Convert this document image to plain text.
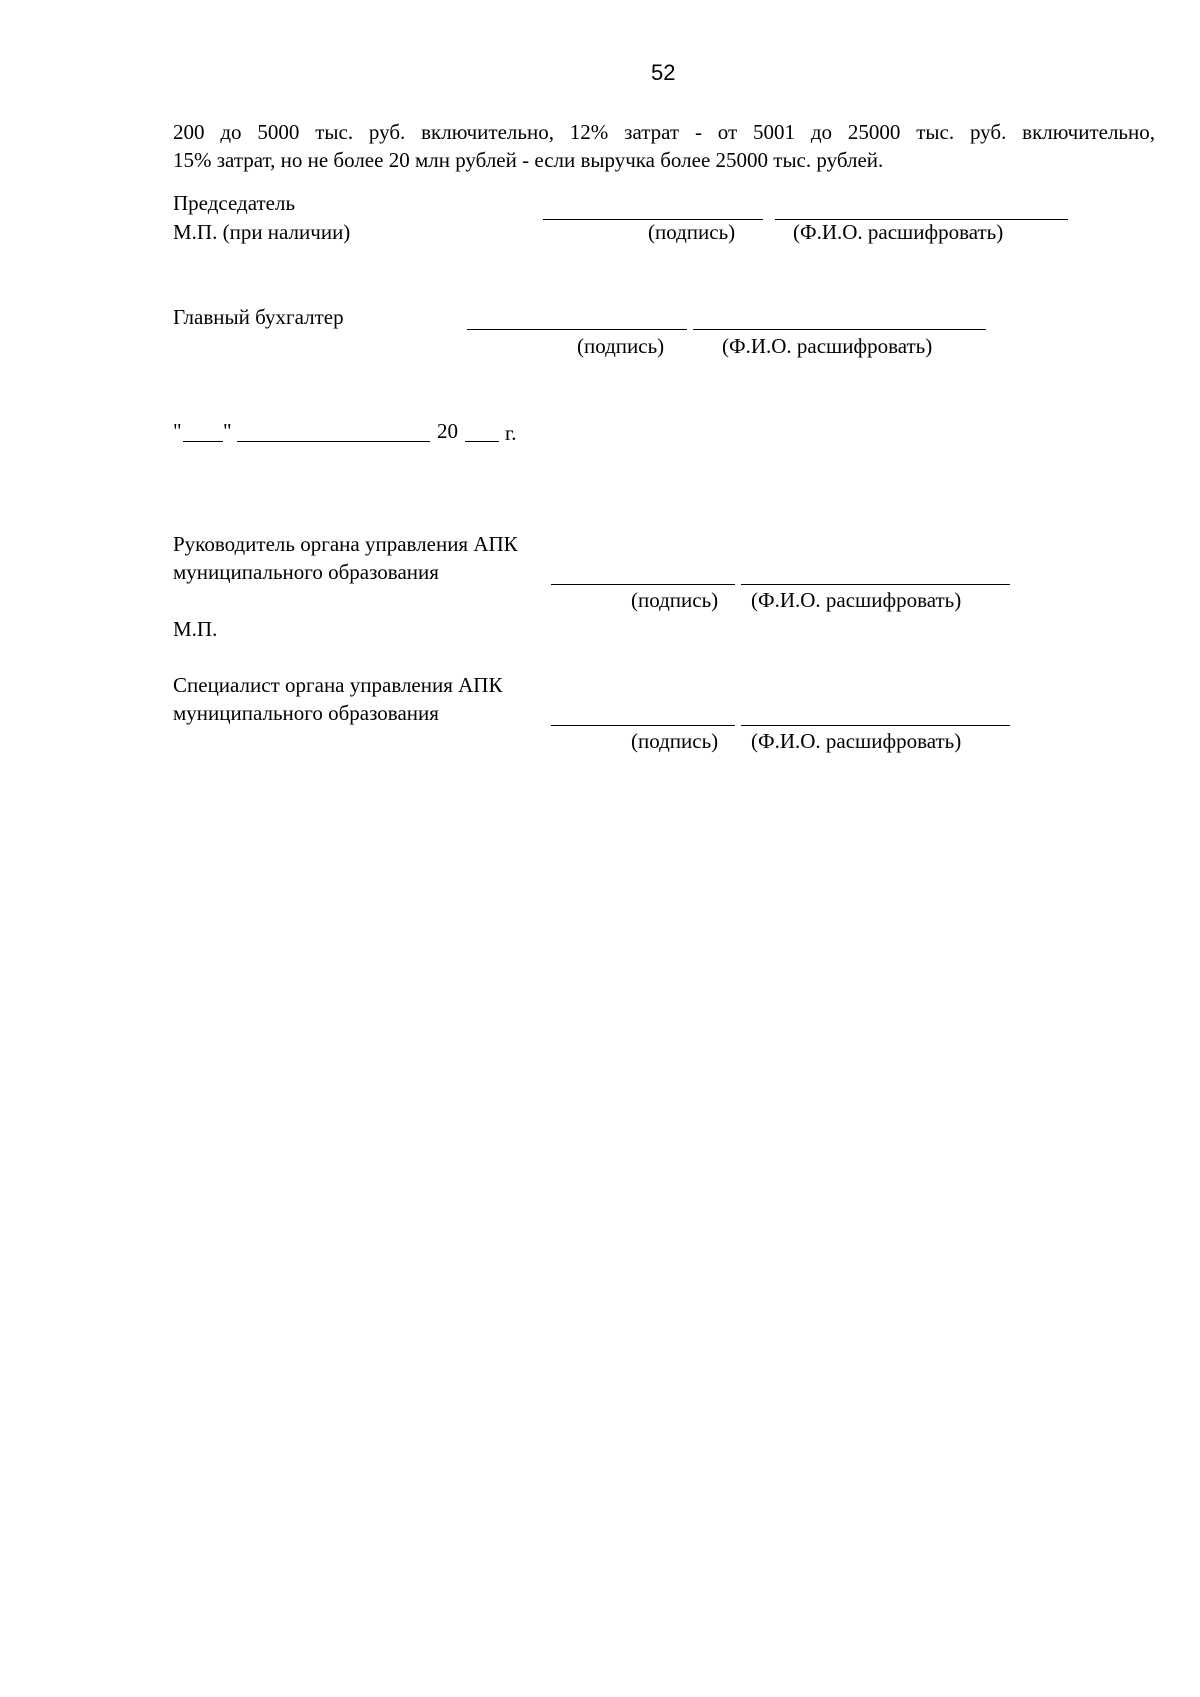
52
200 до 5000 тыс. руб. включительно, 12% затрат - от 5001 до 25000 тыс. руб. включительно,
15% затрат, но не более 20 млн рублей - если выручка более 25000 тыс. рублей.
Председатель
М.П. (при наличии)	(подпись)	(Ф.И.О. расшифровать)
Главный бухгалтер
(подпись)	(Ф.И.О. расшифровать)
" "	20 г.
Руководитель органа управления АПК
муниципального образования
(подпись) (Ф.И.О. расшифровать)
М.П.
Специалист органа управления АПК
муниципального образования
(подпись) (Ф.И.О. расшифровать)
